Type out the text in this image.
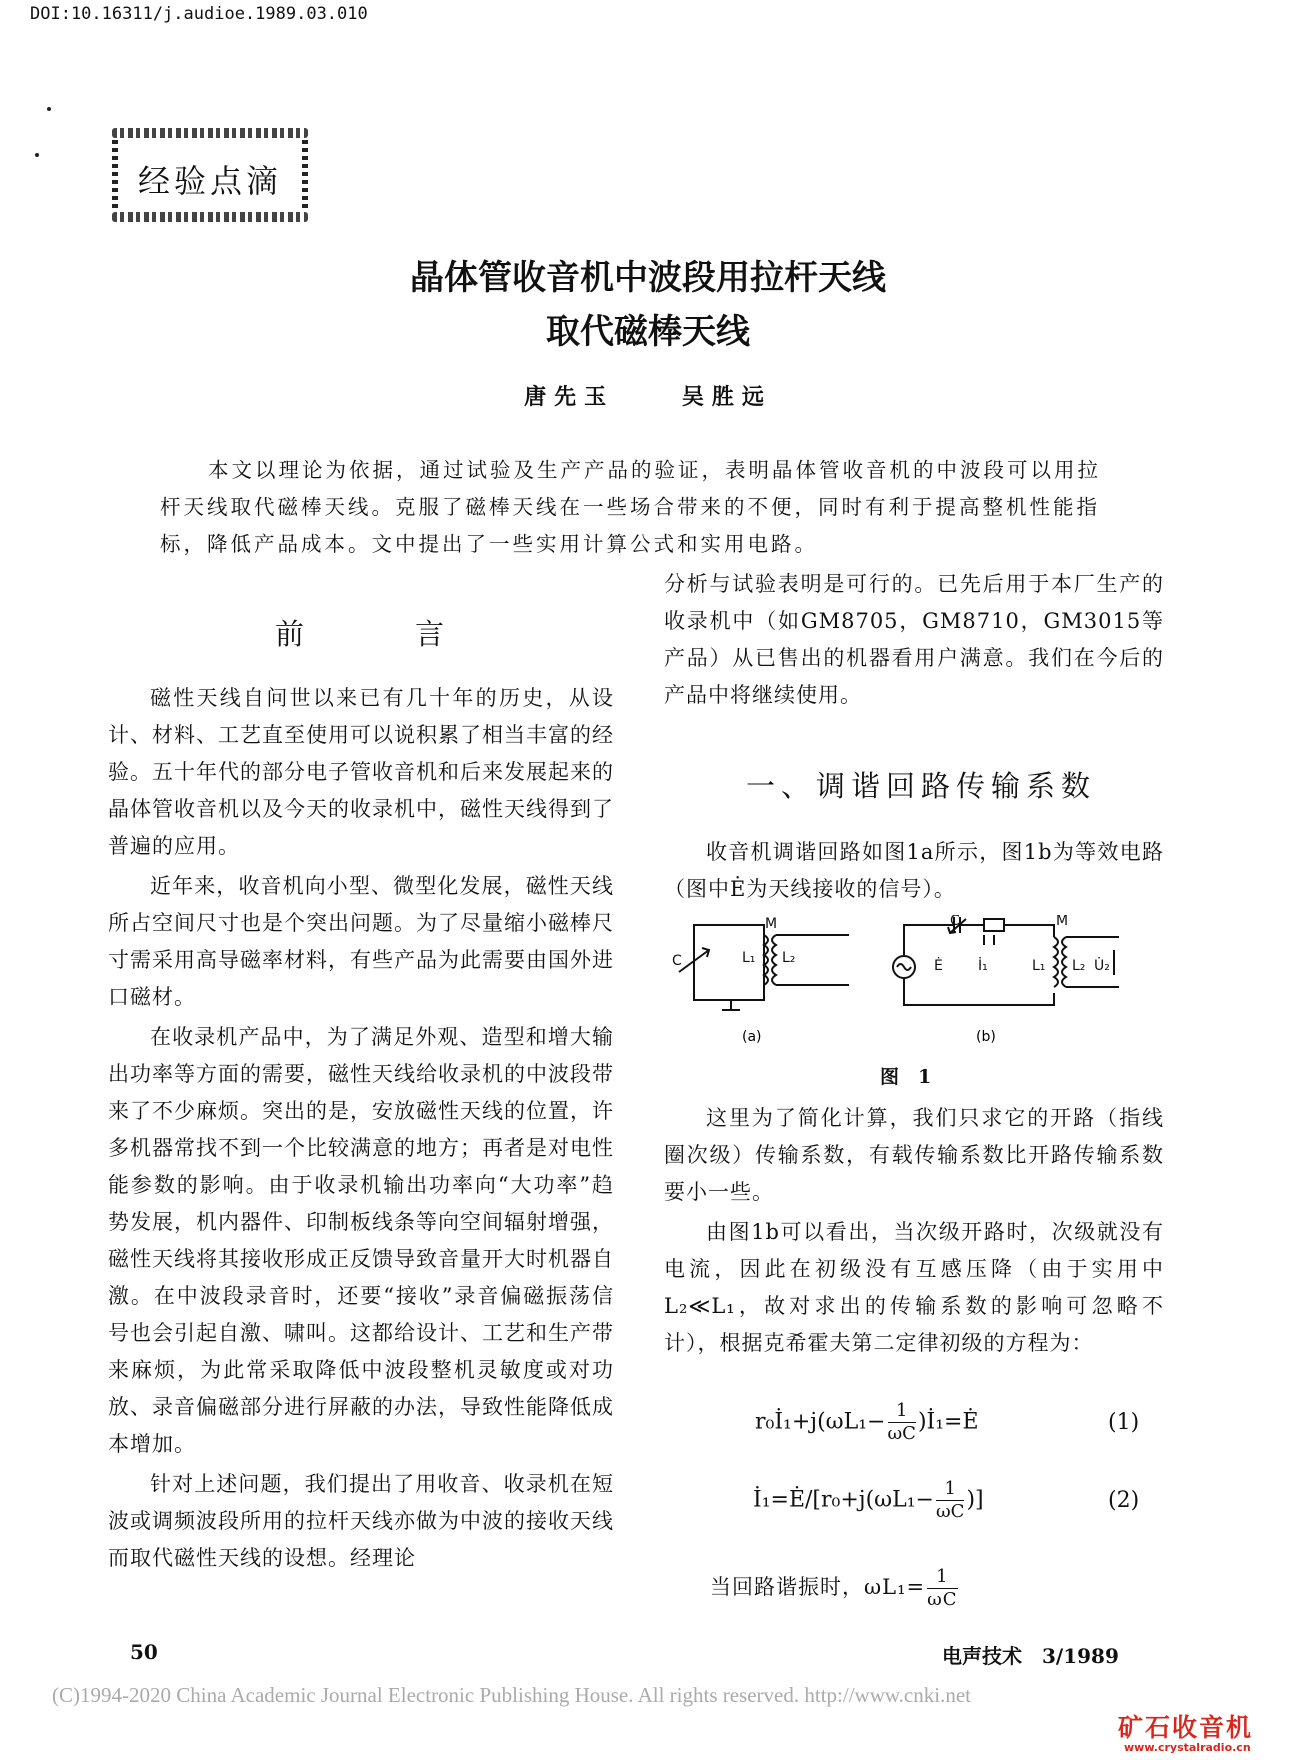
DOI:10.16311/j.audioe.1989.03.010
经验点滴
晶体管收音机中波段用拉杆天线
取代磁棒天线
唐先玉	吴胜远
本文以理论为依据，通过试验及生产产品的验证，表明晶体管收音机的中波段可以用拉杆天线取代磁棒天线。克服了磁棒天线在一些场合带来的不便，同时有利于提高整机性能指标，降低产品成本。文中提出了一些实用计算公式和实用电路。
前　　　言

磁性天线自问世以来已有几十年的历史，从设计、材料、工艺直至使用可以说积累了相当丰富的经验。五十年代的部分电子管收音机和后来发展起来的晶体管收音机以及今天的收录机中，磁性天线得到了普遍的应用。

近年来，收音机向小型、微型化发展，磁性天线所占空间尺寸也是个突出问题。为了尽量缩小磁棒尺寸需采用高导磁率材料，有些产品为此需要由国外进口磁材。

在收录机产品中，为了满足外观、造型和增大输出功率等方面的需要，磁性天线给收录机的中波段带来了不少麻烦。突出的是，安放磁性天线的位置，许多机器常找不到一个比较满意的地方；再者是对电性能参数的影响。由于收录机输出功率向“大功率”趋势发展，机内器件、印制板线条等向空间辐射增强，磁性天线将其接收形成正反馈导致音量开大时机器自激。在中波段录音时，还要“接收”录音偏磁振荡信号也会引起自激、啸叫。这都给设计、工艺和生产带来麻烦，为此常采取降低中波段整机灵敏度或对功放、录音偏磁部分进行屏蔽的办法，导致性能降低成本增加。

针对上述问题，我们提出了用收音、收录机在短波或调频波段所用的拉杆天线亦做为中波的接收天线而取代磁性天线的设想。经理论

分析与试验表明是可行的。已先后用于本厂生产的收录机中（如GM8705，GM8710，GM3015等产品）从已售出的机器看用户满意。我们在今后的产品中将继续使用。

一、调谐回路传输系数

收音机调谐回路如图1a所示，图1b为等效电路（图中Ė为天线接收的信号）。

C	L₁ L₂
M
Ė
C
İ₁	L₁ L₂ U̇₂
M
(a)	(b)
图　1

这里为了简化计算，我们只求它的开路（指线圈次级）传输系数，有载传输系数比开路传输系数要小一些。

由图1b可以看出，当次级开路时，次级就没有电流，因此在初级没有互感压降（由于实用中L₂≪L₁，故对求出的传输系数的影响可忽略不计），根据克希霍夫第二定律初级的方程为：

r₀İ₁+j(ωL₁− $\frac{1}{\omega C}$ )İ₁=Ė	(1)
İ₁=Ė/[r₀+j(ωL₁− $\frac{1}{\omega C}$ )]	(2)
当回路谐振时，$\omega L_1= \frac{1}{\omega C}$
50	电声技术　3/1989
(C)1994-2020 China Academic Journal Electronic Publishing House. All rights reserved. http://www.cnki.net
矿石收音机
www.crystalradio.cn
